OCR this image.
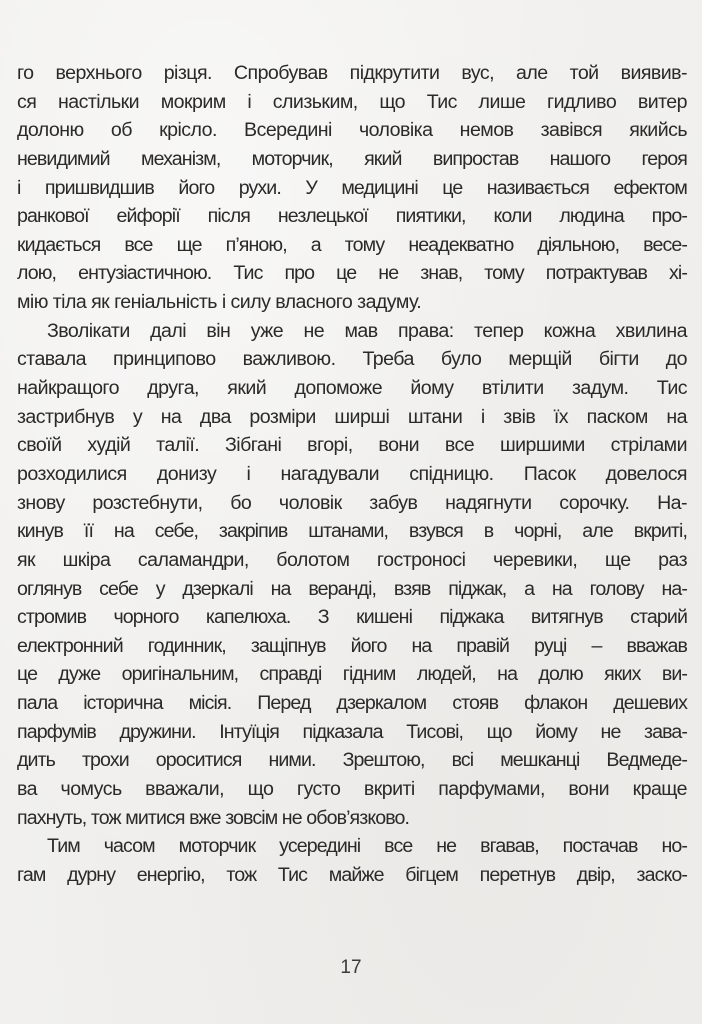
го верхнього різця. Спробував підкрутити вус, але той виявив-
ся настільки мокрим і слизьким, що Тис лише гидливо витер
долоню об крісло. Всередині чоловіка немов завівся якийсь
невидимий механізм, моторчик, який випростав нашого героя
і пришвидшив його рухи. У медицині це називається ефектом
ранкової ейфорії після незлецької пиятики, коли людина про-
кидається все ще п’яною, а тому неадекватно діяльною, весе-
лою, ентузіастичною. Тис про це не знав, тому потрактував хі-
мію тіла як геніальність і силу власного задуму.
Зволікати далі він уже не мав права: тепер кожна хвилина
ставала принципово важливою. Треба було мерщій бігти до
найкращого друга, який допоможе йому втілити задум. Тис
застрибнув у на два розміри ширші штани і звів їх паском на
своїй худій талії. Зібгані вгорі, вони все ширшими стрілами
розходилися донизу і нагадували спідницю. Пасок довелося
знову розстебнути, бо чоловік забув надягнути сорочку. На-
кинув її на себе, закріпив штанами, взувся в чорні, але вкриті,
як шкіра саламандри, болотом гостроносі черевики, ще раз
оглянув себе у дзеркалі на веранді, взяв піджак, а на голову на-
стромив чорного капелюха. З кишені піджака витягнув старий
електронний годинник, защіпнув його на правій руці – вважав
це дуже оригінальним, справді гідним людей, на долю яких ви-
пала історична місія. Перед дзеркалом стояв флакон дешевих
парфумів дружини. Інтуїція підказала Тисові, що йому не зава-
дить трохи ороситися ними. Зрештою, всі мешканці Ведмеде-
ва чомусь вважали, що густо вкриті парфумами, вони краще
пахнуть, тож митися вже зовсім не обов’язково.
Тим часом моторчик усередині все не вгавав, постачав но-
гам дурну енергію, тож Тис майже бігцем перетнув двір, заско-
17
